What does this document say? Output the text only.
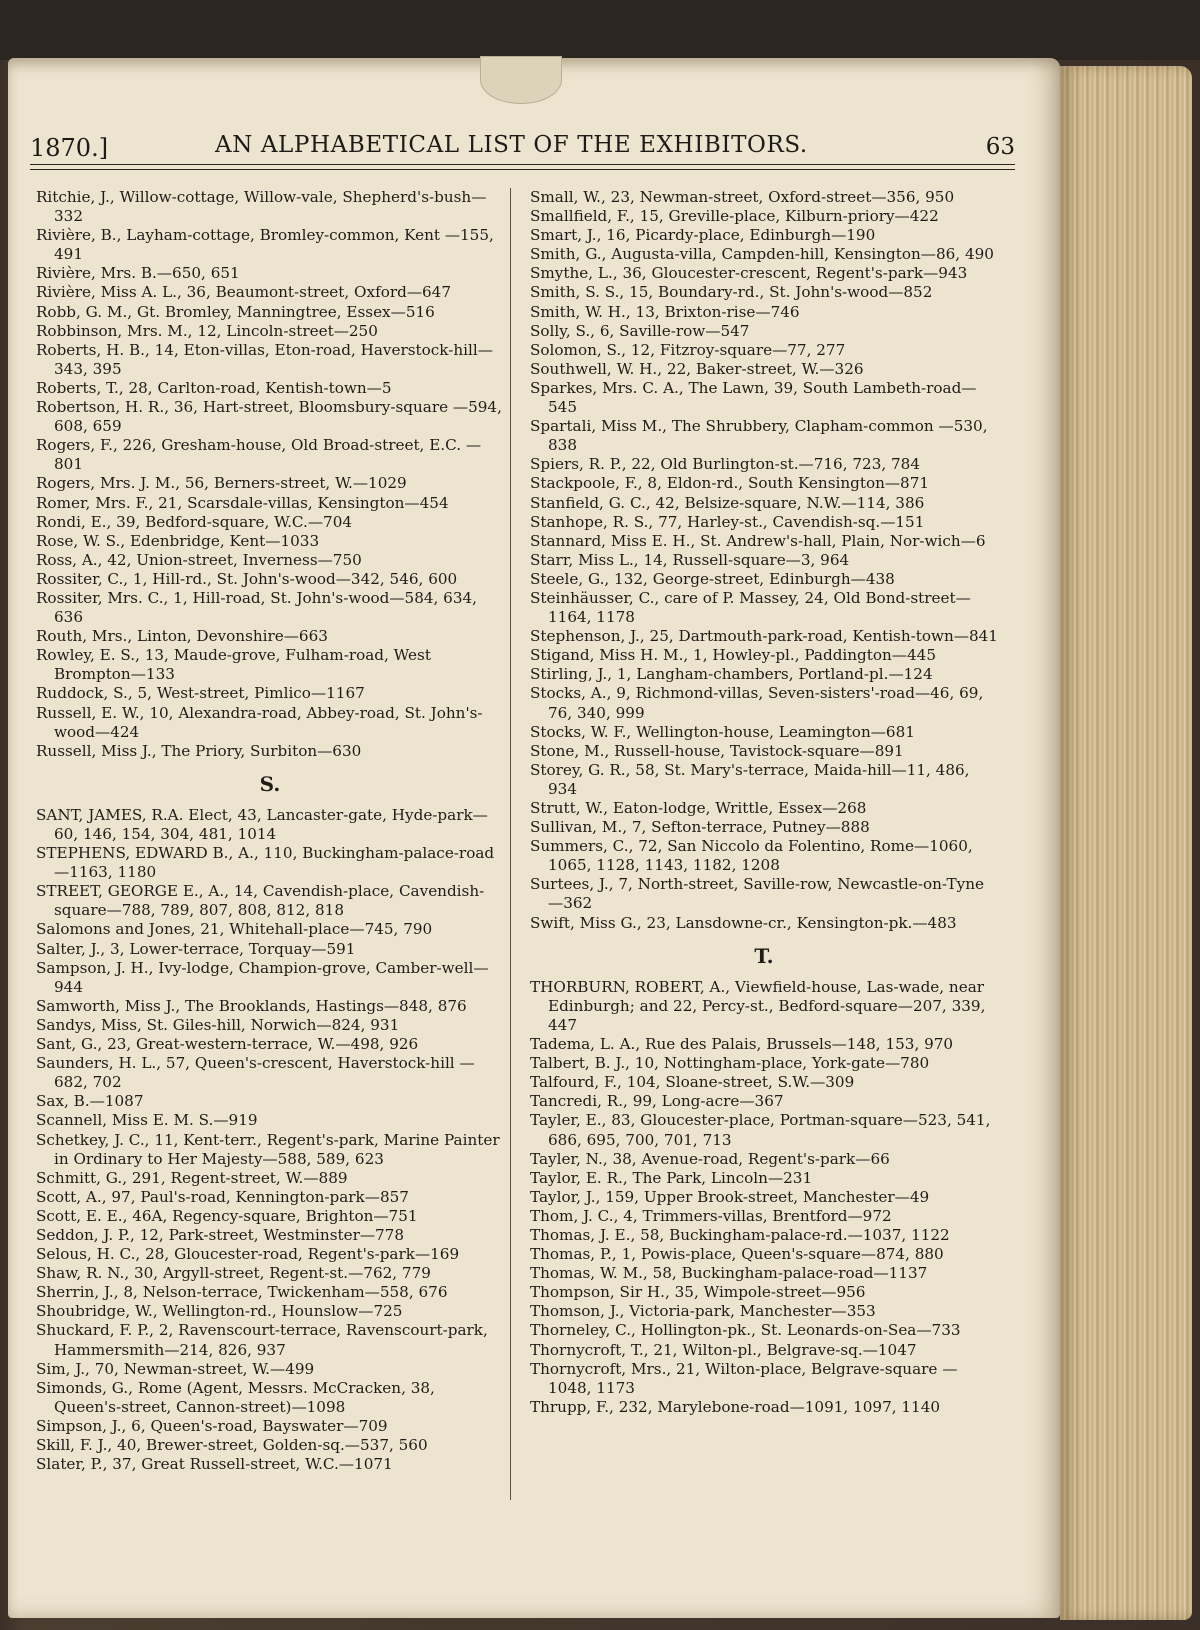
1870.]	AN ALPHABETICAL LIST OF THE EXHIBITORS.	63

Ritchie, J., Willow-cottage, Willow-vale, Shepherd's-bush—332

Rivière, B., Layham-cottage, Bromley-common, Kent —155, 491

Rivière, Mrs. B.—650, 651

Rivière, Miss A. L., 36, Beaumont-street, Oxford—647

Robb, G. M., Gt. Bromley, Manningtree, Essex—516

Robbinson, Mrs. M., 12, Lincoln-street—250

Roberts, H. B., 14, Eton-villas, Eton-road, Haverstock-hill—343, 395

Roberts, T., 28, Carlton-road, Kentish-town—5

Robertson, H. R., 36, Hart-street, Bloomsbury-square —594, 608, 659

Rogers, F., 226, Gresham-house, Old Broad-street, E.C. —801

Rogers, Mrs. J. M., 56, Berners-street, W.—1029

Romer, Mrs. F., 21, Scarsdale-villas, Kensington—454

Rondi, E., 39, Bedford-square, W.C.—704

Rose, W. S., Edenbridge, Kent—1033

Ross, A., 42, Union-street, Inverness—750

Rossiter, C., 1, Hill-rd., St. John's-wood—342, 546, 600

Rossiter, Mrs. C., 1, Hill-road, St. John's-wood—584, 634, 636

Routh, Mrs., Linton, Devonshire—663

Rowley, E. S., 13, Maude-grove, Fulham-road, West Brompton—133

Ruddock, S., 5, West-street, Pimlico—1167

Russell, E. W., 10, Alexandra-road, Abbey-road, St. John's-wood—424

Russell, Miss J., The Priory, Surbiton—630

S.

SANT, JAMES, R.A. Elect, 43, Lancaster-gate, Hyde-park—60, 146, 154, 304, 481, 1014

STEPHENS, EDWARD B., A., 110, Buckingham-palace-road—1163, 1180

STREET, GEORGE E., A., 14, Cavendish-place, Cavendish-square—788, 789, 807, 808, 812, 818

Salomons and Jones, 21, Whitehall-place—745, 790

Salter, J., 3, Lower-terrace, Torquay—591

Sampson, J. H., Ivy-lodge, Champion-grove, Camber-well—944

Samworth, Miss J., The Brooklands, Hastings—848, 876

Sandys, Miss, St. Giles-hill, Norwich—824, 931

Sant, G., 23, Great-western-terrace, W.—498, 926

Saunders, H. L., 57, Queen's-crescent, Haverstock-hill —682, 702

Sax, B.—1087

Scannell, Miss E. M. S.—919

Schetkey, J. C., 11, Kent-terr., Regent's-park, Marine Painter in Ordinary to Her Majesty—588, 589, 623

Schmitt, G., 291, Regent-street, W.—889

Scott, A., 97, Paul's-road, Kennington-park—857

Scott, E. E., 46A, Regency-square, Brighton—751

Seddon, J. P., 12, Park-street, Westminster—778

Selous, H. C., 28, Gloucester-road, Regent's-park—169

Shaw, R. N., 30, Argyll-street, Regent-st.—762, 779

Sherrin, J., 8, Nelson-terrace, Twickenham—558, 676

Shoubridge, W., Wellington-rd., Hounslow—725

Shuckard, F. P., 2, Ravenscourt-terrace, Ravenscourt-park, Hammersmith—214, 826, 937

Sim, J., 70, Newman-street, W.—499

Simonds, G., Rome (Agent, Messrs. McCracken, 38, Queen's-street, Cannon-street)—1098

Simpson, J., 6, Queen's-road, Bayswater—709

Skill, F. J., 40, Brewer-street, Golden-sq.—537, 560

Slater, P., 37, Great Russell-street, W.C.—1071

Small, W., 23, Newman-street, Oxford-street—356, 950

Smallfield, F., 15, Greville-place, Kilburn-priory—422

Smart, J., 16, Picardy-place, Edinburgh—190

Smith, G., Augusta-villa, Campden-hill, Kensington—86, 490

Smythe, L., 36, Gloucester-crescent, Regent's-park—943

Smith, S. S., 15, Boundary-rd., St. John's-wood—852

Smith, W. H., 13, Brixton-rise—746

Solly, S., 6, Saville-row—547

Solomon, S., 12, Fitzroy-square—77, 277

Southwell, W. H., 22, Baker-street, W.—326

Sparkes, Mrs. C. A., The Lawn, 39, South Lambeth-road—545

Spartali, Miss M., The Shrubbery, Clapham-common —530, 838

Spiers, R. P., 22, Old Burlington-st.—716, 723, 784

Stackpoole, F., 8, Eldon-rd., South Kensington—871

Stanfield, G. C., 42, Belsize-square, N.W.—114, 386

Stanhope, R. S., 77, Harley-st., Cavendish-sq.—151

Stannard, Miss E. H., St. Andrew's-hall, Plain, Nor-wich—6

Starr, Miss L., 14, Russell-square—3, 964

Steele, G., 132, George-street, Edinburgh—438

Steinhäusser, C., care of P. Massey, 24, Old Bond-street—1164, 1178

Stephenson, J., 25, Dartmouth-park-road, Kentish-town—841

Stigand, Miss H. M., 1, Howley-pl., Paddington—445

Stirling, J., 1, Langham-chambers, Portland-pl.—124

Stocks, A., 9, Richmond-villas, Seven-sisters'-road—46, 69, 76, 340, 999

Stocks, W. F., Wellington-house, Leamington—681

Stone, M., Russell-house, Tavistock-square—891

Storey, G. R., 58, St. Mary's-terrace, Maida-hill—11, 486, 934

Strutt, W., Eaton-lodge, Writtle, Essex—268

Sullivan, M., 7, Sefton-terrace, Putney—888

Summers, C., 72, San Niccolo da Folentino, Rome—1060, 1065, 1128, 1143, 1182, 1208

Surtees, J., 7, North-street, Saville-row, Newcastle-on-Tyne—362

Swift, Miss G., 23, Lansdowne-cr., Kensington-pk.—483

T.

THORBURN, ROBERT, A., Viewfield-house, Las-wade, near Edinburgh; and 22, Percy-st., Bedford-square—207, 339, 447

Tadema, L. A., Rue des Palais, Brussels—148, 153, 970

Talbert, B. J., 10, Nottingham-place, York-gate—780

Talfourd, F., 104, Sloane-street, S.W.—309

Tancredi, R., 99, Long-acre—367

Tayler, E., 83, Gloucester-place, Portman-square—523, 541, 686, 695, 700, 701, 713

Tayler, N., 38, Avenue-road, Regent's-park—66

Taylor, E. R., The Park, Lincoln—231

Taylor, J., 159, Upper Brook-street, Manchester—49

Thom, J. C., 4, Trimmers-villas, Brentford—972

Thomas, J. E., 58, Buckingham-palace-rd.—1037, 1122

Thomas, P., 1, Powis-place, Queen's-square—874, 880

Thomas, W. M., 58, Buckingham-palace-road—1137

Thompson, Sir H., 35, Wimpole-street—956

Thomson, J., Victoria-park, Manchester—353

Thorneley, C., Hollington-pk., St. Leonards-on-Sea—733

Thornycroft, T., 21, Wilton-pl., Belgrave-sq.—1047

Thornycroft, Mrs., 21, Wilton-place, Belgrave-square —1048, 1173

Thrupp, F., 232, Marylebone-road—1091, 1097, 1140
